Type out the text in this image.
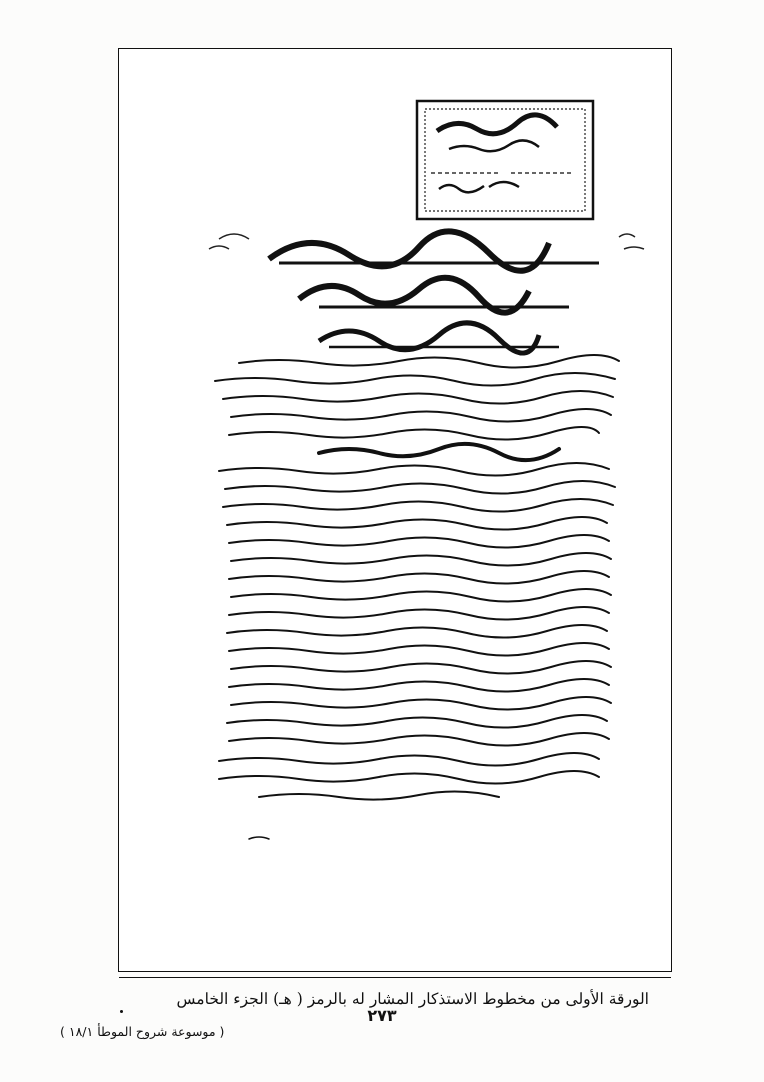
الورقة الأولى من مخطوط الاستذكار المشار له بالرمز ( هـ) الجزء الخامس
٢٧٣
( موسوعة شروح الموطأ ١٨/١ )
